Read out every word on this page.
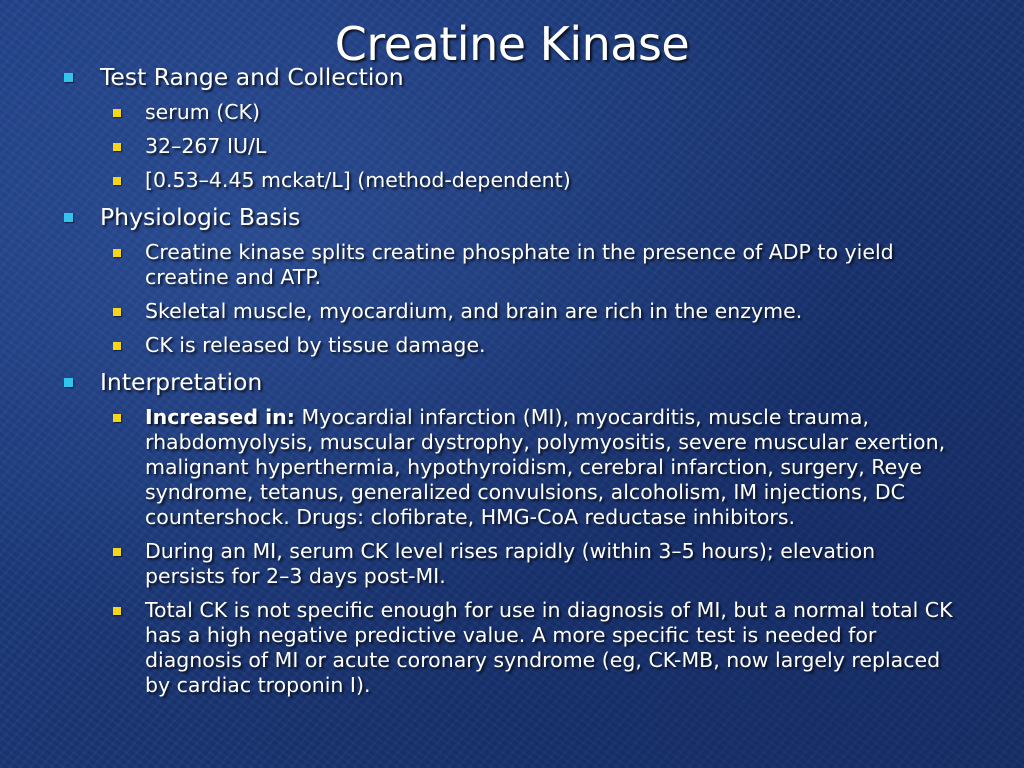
Creatine Kinase
Test Range and Collection
serum (CK)
32–267 IU/L
[0.53–4.45 mckat/L] (method-dependent)
Physiologic Basis
Creatine kinase splits creatine phosphate in the presence of ADP to yield creatine and ATP.
Skeletal muscle, myocardium, and brain are rich in the enzyme.
CK is released by tissue damage.
Interpretation
Increased in: Myocardial infarction (MI), myocarditis, muscle trauma, rhabdomyolysis, muscular dystrophy, polymyositis, severe muscular exertion, malignant hyperthermia, hypothyroidism, cerebral infarction, surgery, Reye syndrome, tetanus, generalized convulsions, alcoholism, IM injections, DC countershock. Drugs: clofibrate, HMG-CoA reductase inhibitors.
During an MI, serum CK level rises rapidly (within 3–5 hours); elevation persists for 2–3 days post-MI.
Total CK is not specific enough for use in diagnosis of MI, but a normal total CK has a high negative predictive value. A more specific test is needed for diagnosis of MI or acute coronary syndrome (eg, CK-MB, now largely replaced by cardiac troponin I).
